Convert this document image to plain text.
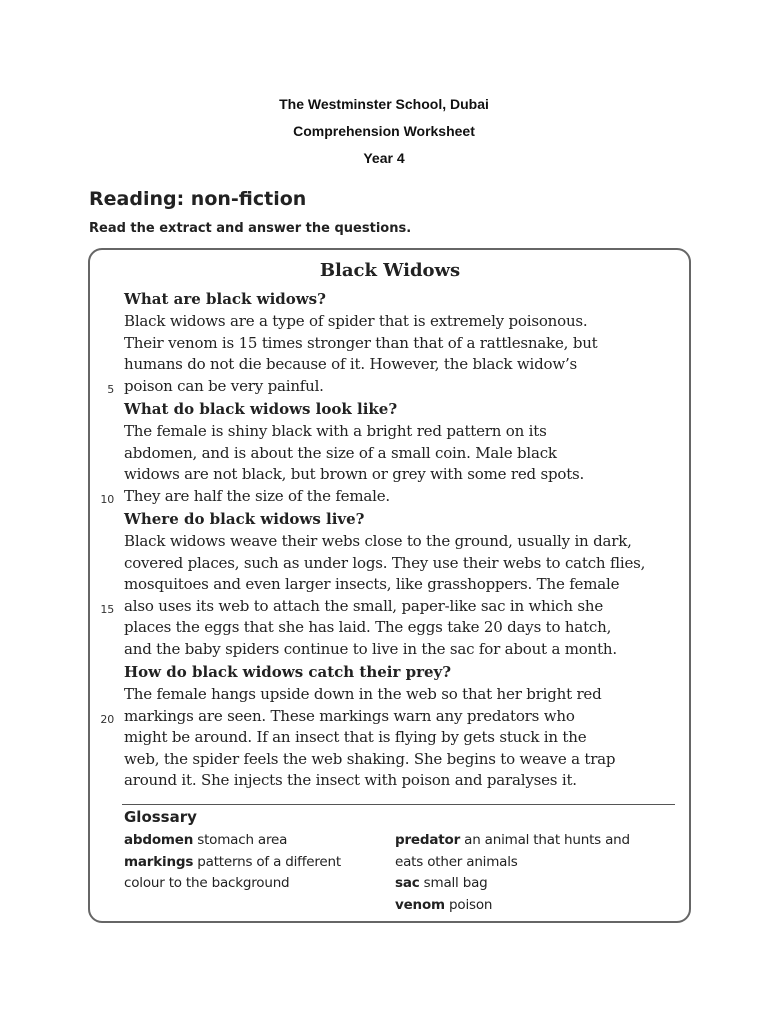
The Westminster School, Dubai
Comprehension Worksheet
Year 4
Reading: non-fiction
Read the extract and answer the questions.
Black Widows
What are black widows?
Black widows are a type of spider that is extremely poisonous.
Their venom is 15 times stronger than that of a rattlesnake, but
humans do not die because of it. However, the black widow’s
5 poison can be very painful.
What do black widows look like?
The female is shiny black with a bright red pattern on its
abdomen, and is about the size of a small coin. Male black
widows are not black, but brown or grey with some red spots.
10 They are half the size of the female.
Where do black widows live?
Black widows weave their webs close to the ground, usually in dark,
covered places, such as under logs. They use their webs to catch flies,
mosquitoes and even larger insects, like grasshoppers. The female
15 also uses its web to attach the small, paper-like sac in which she
places the eggs that she has laid. The eggs take 20 days to hatch,
and the baby spiders continue to live in the sac for about a month.
How do black widows catch their prey?
The female hangs upside down in the web so that her bright red
20 markings are seen. These markings warn any predators who
might be around. If an insect that is flying by gets stuck in the
web, the spider feels the web shaking. She begins to weave a trap
around it. She injects the insect with poison and paralyses it.
Glossary
abdomen stomach area
markings patterns of a different
colour to the background
predator an animal that hunts and
eats other animals
sac small bag
venom poison
